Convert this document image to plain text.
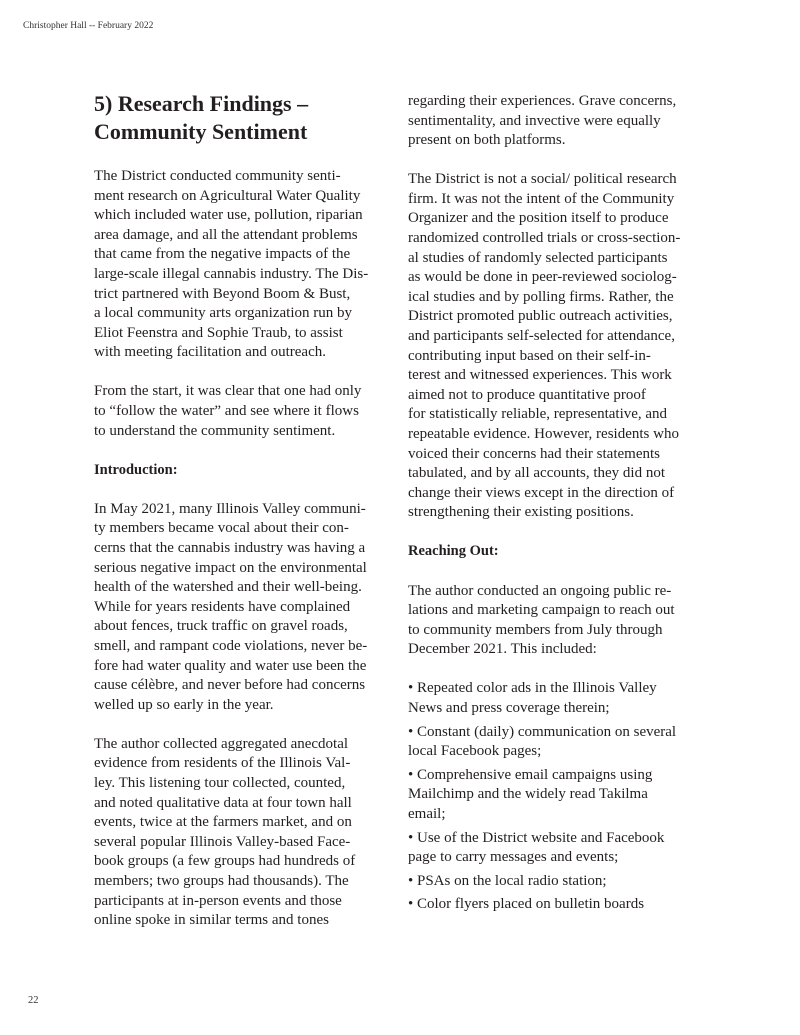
Christopher Hall -- February 2022
5) Research Findings –
Community Sentiment

The District conducted community senti-
ment research on Agricultural Water Quality
which included water use, pollution, riparian
area damage, and all the attendant problems
that came from the negative impacts of the
large-scale illegal cannabis industry. The Dis-
trict partnered with Beyond Boom & Bust,
a local community arts organization run by
Eliot Feenstra and Sophie Traub, to assist
with meeting facilitation and outreach.

From the start, it was clear that one had only
to “follow the water” and see where it flows
to understand the community sentiment.

Introduction:

In May 2021, many Illinois Valley communi-
ty members became vocal about their con-
cerns that the cannabis industry was having a
serious negative impact on the environmental
health of the watershed and their well-being.
While for years residents have complained
about fences, truck traffic on gravel roads,
smell, and rampant code violations, never be-
fore had water quality and water use been the
cause célèbre, and never before had concerns
welled up so early in the year.

The author collected aggregated anecdotal
evidence from residents of the Illinois Val-
ley. This listening tour collected, counted,
and noted qualitative data at four town hall
events, twice at the farmers market, and on
several popular Illinois Valley-based Face-
book groups (a few groups had hundreds of
members; two groups had thousands). The
participants at in-person events and those
online spoke in similar terms and tones

regarding their experiences. Grave concerns,
sentimentality, and invective were equally
present on both platforms.

The District is not a social/ political research
firm. It was not the intent of the Community
Organizer and the position itself to produce
randomized controlled trials or cross-section-
al studies of randomly selected participants
as would be done in peer-reviewed sociolog-
ical studies and by polling firms. Rather, the
District promoted public outreach activities,
and participants self-selected for attendance,
contributing input based on their self-in-
terest and witnessed experiences. This work
aimed not to produce quantitative proof
for statistically reliable, representative, and
repeatable evidence. However, residents who
voiced their concerns had their statements
tabulated, and by all accounts, they did not
change their views except in the direction of
strengthening their existing positions.

Reaching Out:

The author conducted an ongoing public re-
lations and marketing campaign to reach out
to community members from July through
December 2021. This included:

• Repeated color ads in the Illinois Valley
News and press coverage therein;
• Constant (daily) communication on several
local Facebook pages;
• Comprehensive email campaigns using
Mailchimp and the widely read Takilma
email;
• Use of the District website and Facebook
page to carry messages and events;
• PSAs on the local radio station;
• Color flyers placed on bulletin boards
22
